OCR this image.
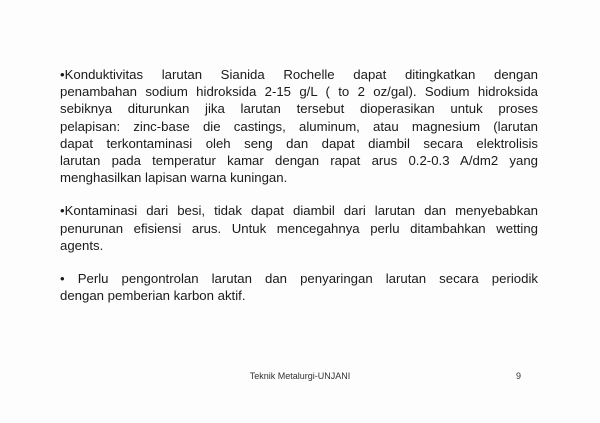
•Konduktivitas larutan Sianida Rochelle dapat ditingkatkan dengan

penambahan sodium hidroksida 2-15 g/L ( to 2 oz/gal). Sodium hidroksida

sebiknya diturunkan jika larutan tersebut dioperasikan untuk proses

pelapisan: zinc-base die castings, aluminum, atau magnesium (larutan

dapat terkontaminasi oleh seng dan dapat diambil secara elektrolisis

larutan pada temperatur kamar dengan rapat arus 0.2-0.3 A/dm2 yang

menghasilkan lapisan warna kuningan.

•Kontaminasi dari besi, tidak dapat diambil dari larutan dan menyebabkan

penurunan efisiensi arus. Untuk mencegahnya perlu ditambahkan wetting

agents.

• Perlu pengontrolan larutan dan penyaringan larutan secara periodik

dengan pemberian karbon aktif.

Teknik Metalurgi-UNJANI	9
